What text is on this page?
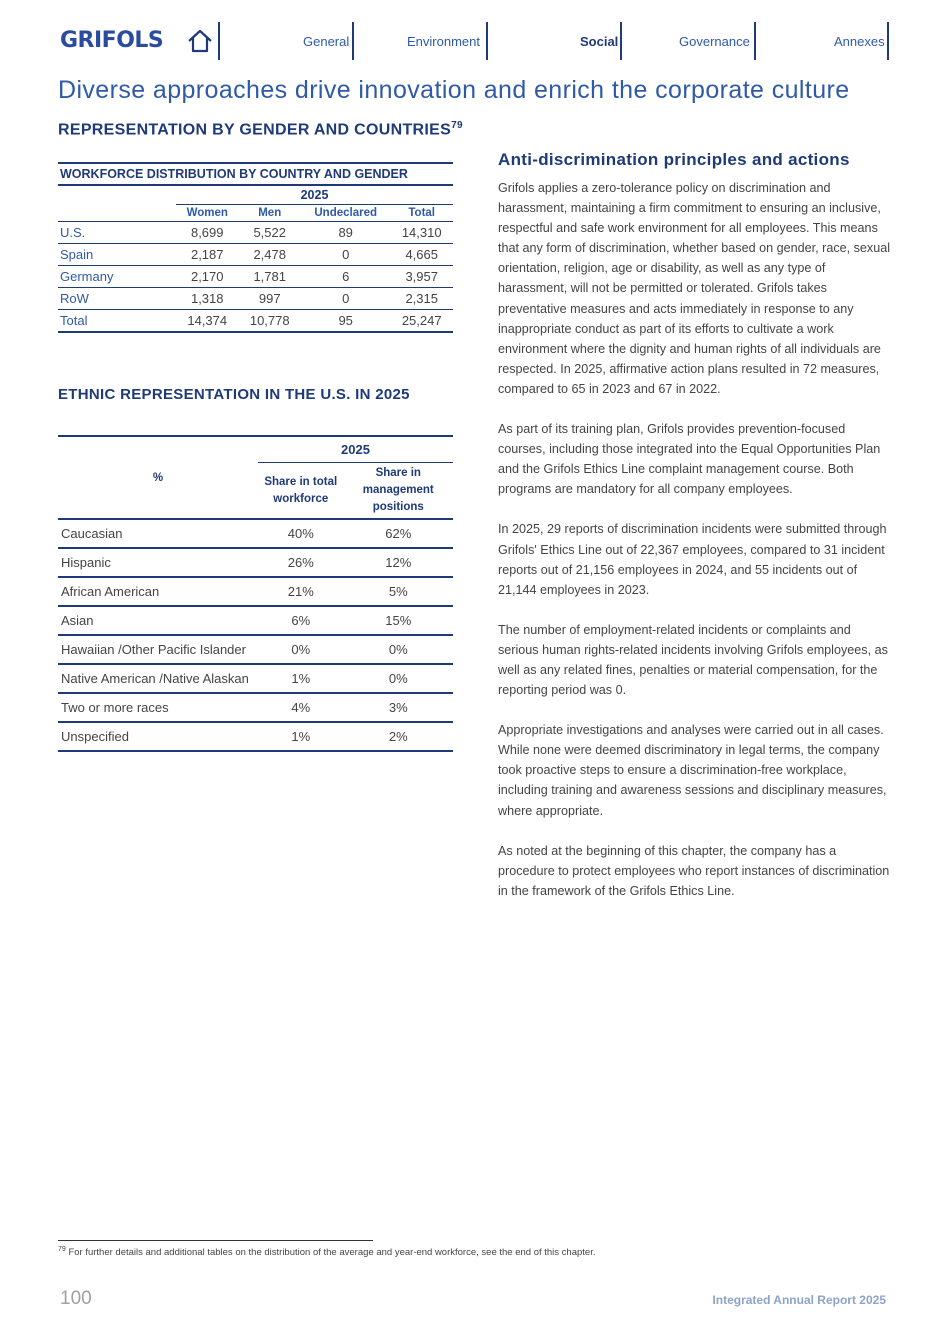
GRIFOLS	General	Environment	Social	Governance	Annexes
Diverse approaches drive innovation and enrich the corporate culture
REPRESENTATION BY GENDER AND COUNTRIES$^{79}$
WORKFORCE DISTRIBUTION BY COUNTRY AND GENDER				
	2025			
	Women	Men	Undeclared	Total
U.S.	8,699	5,522	89	14,310
Spain	2,187	2,478	0	4,665
Germany	2,170	1,781	6	3,957
RoW	1,318	997	0	2,315
Total	14,374	10,778	95	25,247
ETHNIC REPRESENTATION IN THE U.S. IN 2025
%	2025	
	Share in total workforce	Share in management positions
Caucasian	40%	62%
Hispanic	26%	12%
African American	21%	5%
Asian	6%	15%
Hawaiian /Other Pacific Islander	0%	0%
Native American /Native Alaskan	1%	0%
Two or more races	4%	3%
Unspecified	1%	2%
Anti-discrimination principles and actions

Grifols applies a zero-tolerance policy on discrimination and harassment, maintaining a firm commitment to ensuring an inclusive, respectful and safe work environment for all employees. This means that any form of discrimination, whether based on gender, race, sexual orientation, religion, age or disability, as well as any type of harassment, will not be permitted or tolerated. Grifols takes preventative measures and acts immediately in response to any inappropriate conduct as part of its efforts to cultivate a work environment where the dignity and human rights of all individuals are respected. In 2025, affirmative action plans resulted in 72 measures, compared to 65 in 2023 and 67 in 2022.

As part of its training plan, Grifols provides prevention-focused courses, including those integrated into the Equal Opportunities Plan and the Grifols Ethics Line complaint management course. Both programs are mandatory for all company employees.

In 2025, 29 reports of discrimination incidents were submitted through Grifols' Ethics Line out of 22,367 employees, compared to 31 incident reports out of 21,156 employees in 2024, and 55 incidents out of 21,144 employees in 2023.

The number of employment-related incidents or complaints and serious human rights-related incidents involving Grifols employees, as well as any related fines, penalties or material compensation, for the reporting period was 0.

Appropriate investigations and analyses were carried out in all cases. While none were deemed discriminatory in legal terms, the company took proactive steps to ensure a discrimination-free workplace, including training and awareness sessions and disciplinary measures, where appropriate.

As noted at the beginning of this chapter, the company has a procedure to protect employees who report instances of discrimination in the framework of the Grifols Ethics Line.

$^{79}$ For further details and additional tables on the distribution of the average and year-end workforce, see the end of this chapter.
100	Integrated Annual Report 2025
